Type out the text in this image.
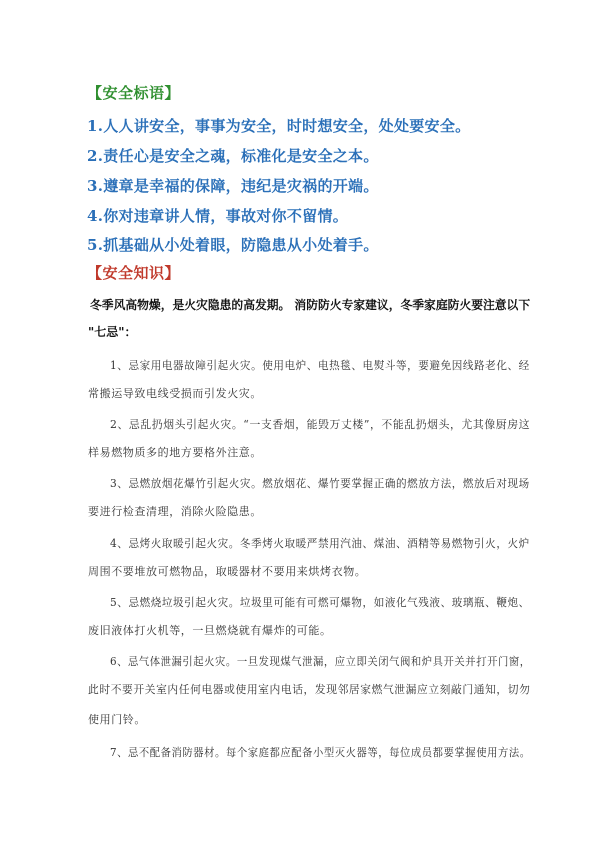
【安全标语】
1.人人讲安全，事事为安全，时时想安全，处处要安全。
2.责任心是安全之魂，标准化是安全之本。
3.遵章是幸福的保障，违纪是灾祸的开端。
4.你对违章讲人情，事故对你不留情。
5.抓基础从小处着眼，防隐患从小处着手。
【安全知识】
冬季风高物燥，是火灾隐患的高发期。 消防防火专家建议，冬季家庭防火要注意以下
"七忌"：
1、忌家用电器故障引起火灾。使用电炉、电热毯、电熨斗等，要避免因线路老化、经
常搬运导致电线受损而引发火灾。
2、忌乱扔烟头引起火灾。“一支香烟，能毁万丈楼”，不能乱扔烟头，尤其像厨房这
样易燃物质多的地方要格外注意。
3、忌燃放烟花爆竹引起火灾。燃放烟花、爆竹要掌握正确的燃放方法，燃放后对现场
要进行检查清理，消除火险隐患。
4、忌烤火取暖引起火灾。冬季烤火取暖严禁用汽油、煤油、酒精等易燃物引火，火炉
周围不要堆放可燃物品，取暖器材不要用来烘烤衣物。
5、忌燃烧垃圾引起火灾。垃圾里可能有可燃可爆物，如液化气残液、玻璃瓶、鞭炮、
废旧液体打火机等，一旦燃烧就有爆炸的可能。
6、忌气体泄漏引起火灾。一旦发现煤气泄漏，应立即关闭气阀和炉具开关并打开门窗，
此时不要开关室内任何电器或使用室内电话，发现邻居家燃气泄漏应立刻敲门通知，切勿
使用门铃。
7、忌不配备消防器材。每个家庭都应配备小型灭火器等，每位成员都要掌握使用方法。
